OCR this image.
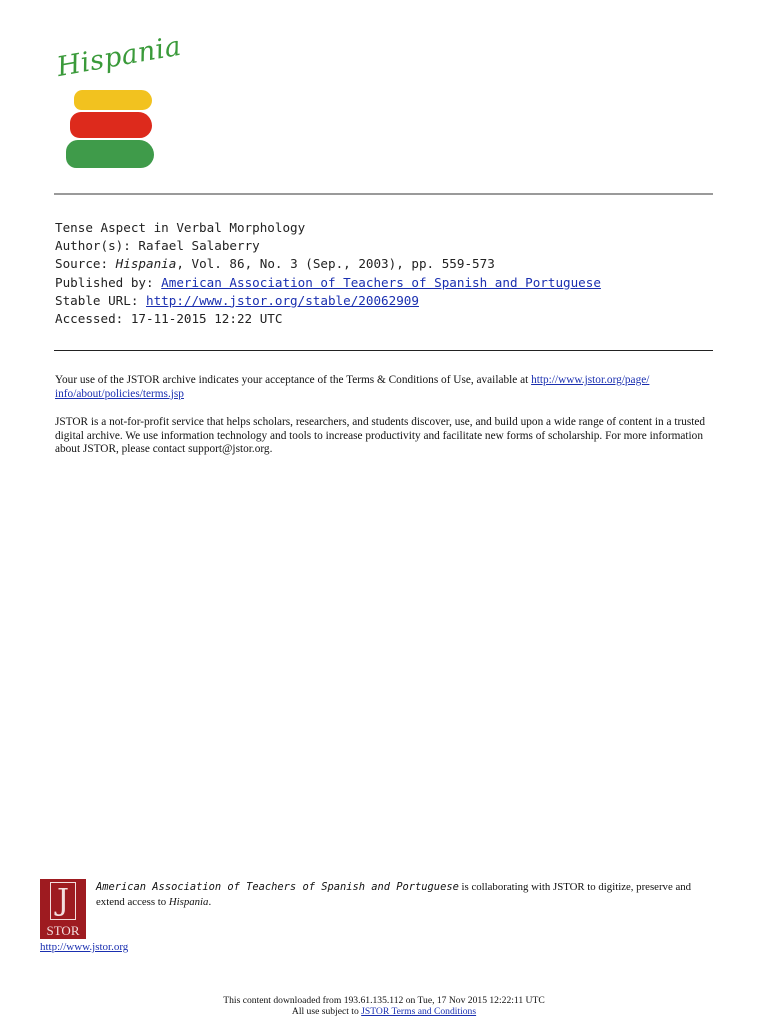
Hispania
Tense Aspect in Verbal Morphology
Author(s): Rafael Salaberry
Source: Hispania, Vol. 86, No. 3 (Sep., 2003), pp. 559-573
Published by: American Association of Teachers of Spanish and Portuguese
Stable URL: http://www.jstor.org/stable/20062909
Accessed: 17-11-2015 12:22 UTC
Your use of the JSTOR archive indicates your acceptance of the Terms & Conditions of Use, available at http://www.jstor.org/page/
info/about/policies/terms.jsp
JSTOR is a not-for-profit service that helps scholars, researchers, and students discover, use, and build upon a wide range of content in a trusted digital archive. We use information technology and tools to increase productivity and facilitate new forms of scholarship. For more information about JSTOR, please contact support@jstor.org.
J
STOR
http://www.jstor.org
American Association of Teachers of Spanish and Portuguese is collaborating with JSTOR to digitize, preserve and extend access to Hispania.
This content downloaded from 193.61.135.112 on Tue, 17 Nov 2015 12:22:11 UTC
All use subject to JSTOR Terms and Conditions
